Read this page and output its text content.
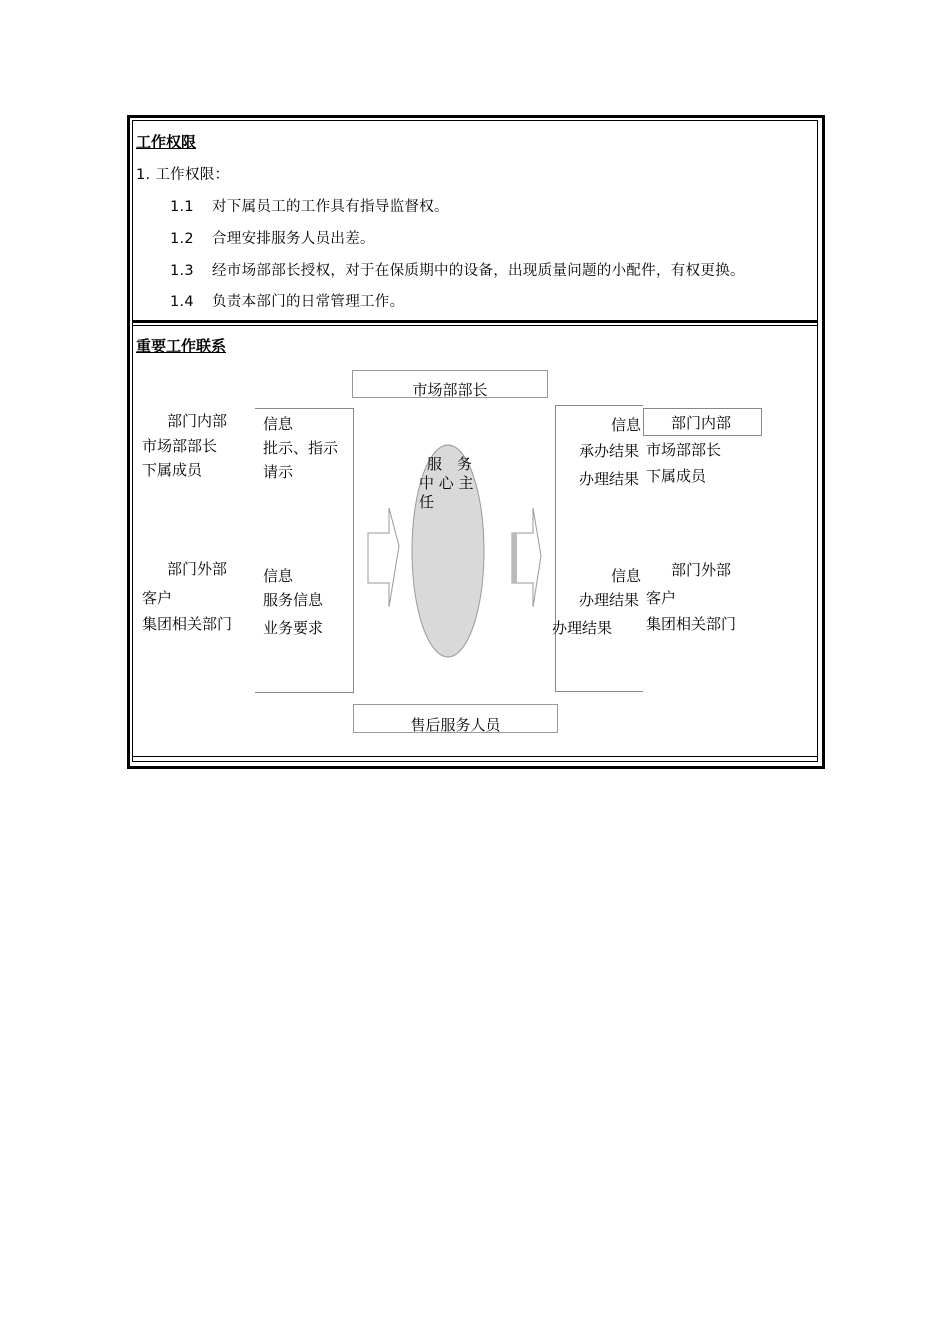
工作权限
1. 工作权限：
1.1 对下属员工的工作具有指导监督权。
1.2 合理安排服务人员出差。
1.3 经市场部部长授权，对于在保质期中的设备，出现质量问题的小配件，有权更换。
1.4 负责本部门的日常管理工作。
重要工作联系
市场部部长
售后服务人员
服　务
中 心 主
任
部门内部
市场部部长
下属成员
信息
批示、指示
请示
部门外部
客户
集团相关部门
信息
服务信息
业务要求
部门内部
信息
承办结果
办理结果
市场部部长
下属成员
部门外部
信息
办理结果
办理结果
客户
集团相关部门
